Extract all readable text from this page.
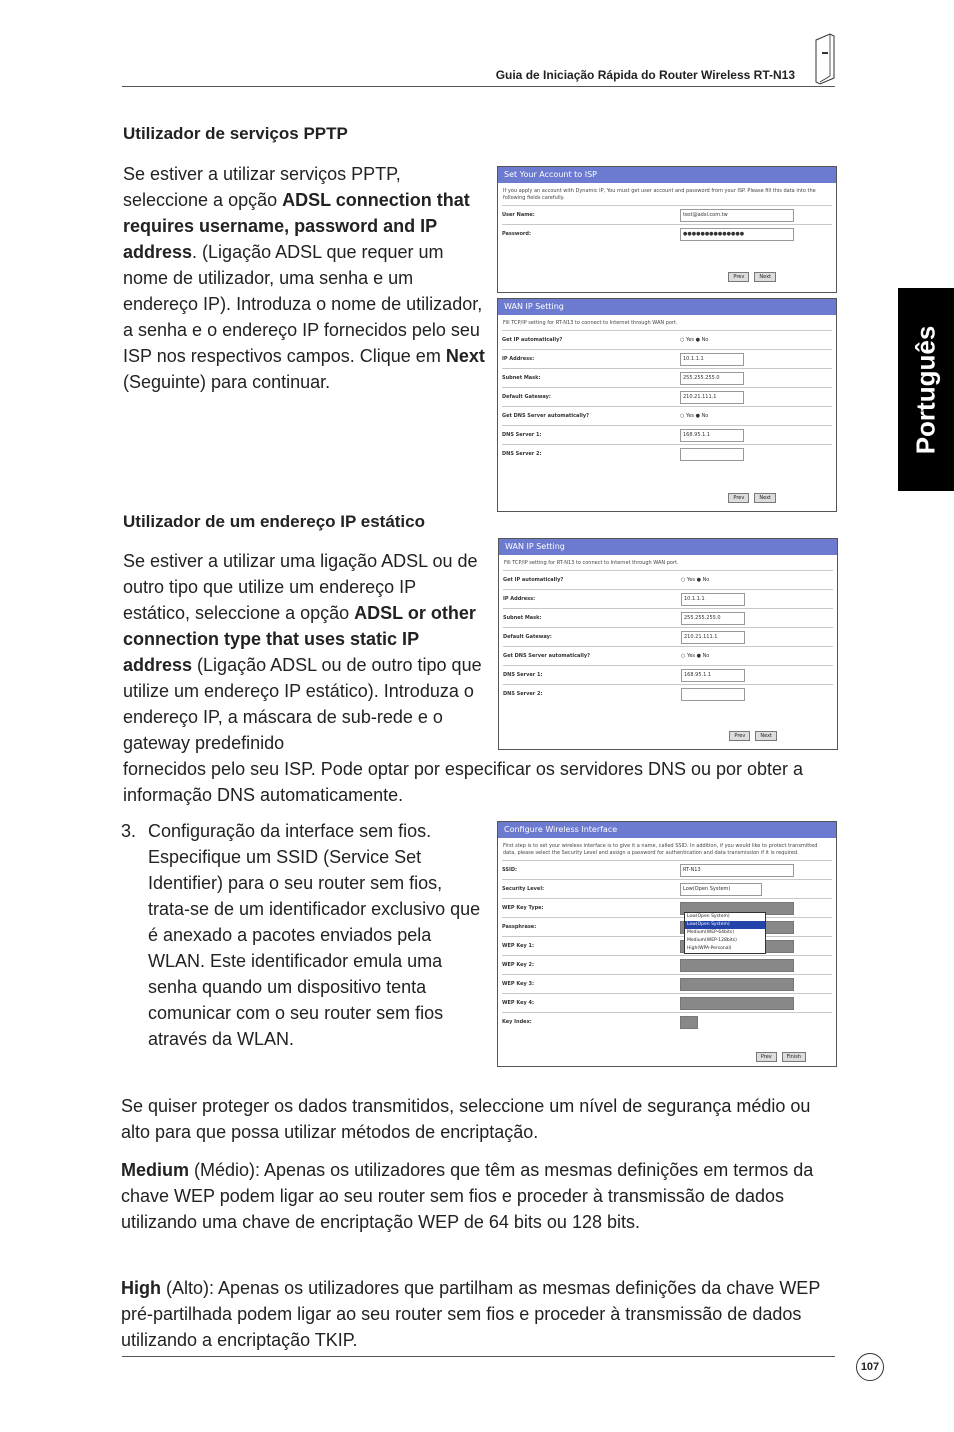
Guia de Iniciação Rápida do Router Wireless RT-N13
Português
Utilizador de serviços PPTP
Se estiver a utilizar serviços PPTP, seleccione a opção ADSL connection that requires username, password and IP address. (Ligação ADSL que requer um nome de utilizador, uma senha e um endereço IP). Introduza o nome de utilizador, a senha e o endereço IP fornecidos pelo seu ISP nos respectivos campos. Clique em Next (Seguinte) para continuar.
Set Your Account to ISP
If you apply an account with Dynamic IP, You must get user account and password from your ISP. Please fill this data into the following fields carefully.
User Name:	test@adsl.com.tw
Password:	●●●●●●●●●●●●●●
Prev	Next
WAN IP Setting
Fill TCP/IP setting for RT-N13 to connect to Internet through WAN port.
Get IP automatically?	○ Yes ● No
IP Address:	10.1.1.1
Subnet Mask:	255.255.255.0
Default Gateway:	210.21.111.1
Get DNS Server automatically?	○ Yes ● No
DNS Server 1:	168.95.1.1
DNS Server 2:
Prev	Next
Utilizador de um endereço IP estático
Se estiver a utilizar uma ligação ADSL ou de outro tipo que utilize um endereço IP estático, seleccione a opção ADSL or other connection type that uses static IP address (Ligação ADSL ou de outro tipo que utilize um endereço IP estático). Introduza o endereço IP, a máscara de sub-rede e o gateway predefinido
fornecidos pelo seu ISP. Pode optar por especificar os servidores DNS ou por obter a informação DNS automaticamente.
WAN IP Setting
Fill TCP/IP setting for RT-N13 to connect to Internet through WAN port.
Get IP automatically?	○ Yes ● No
IP Address:	10.1.1.1
Subnet Mask:	255.255.255.0
Default Gateway:	210.21.111.1
Get DNS Server automatically?	○ Yes ● No
DNS Server 1:	168.95.1.1
DNS Server 2:
Prev	Next
3. Configuração da interface sem fios. Especifique um SSID (Service Set Identifier) para o seu router sem fios, trata-se de um identificador exclusivo que é anexado a pacotes enviados pela WLAN. Este identificador emula uma senha quando um dispositivo tenta comunicar com o seu router sem fios através da WLAN.
Configure Wireless Interface
First step is to set your wireless interface is to give it a name, called SSID. In addition, if you would like to protect transmitted data, please select the Security Level and assign a password for authentication and data transmission if it is required.
SSID:	RT-N13
Security Level:	Low(Open System)
WEP Key Type:
Passphrase:
WEP Key 1:
WEP Key 2:
WEP Key 3:
WEP Key 4:
Key Index:
Low(Open System)
Low(Open System)
Medium(WEP-64bits)
Medium(WEP-128bits)
High(WPA-Personal)
Prev	Finish
Se quiser proteger os dados transmitidos, seleccione um nível de segurança médio ou alto para que possa utilizar métodos de encriptação.
Medium (Médio): Apenas os utilizadores que têm as mesmas definições em termos da chave WEP podem ligar ao seu router sem fios e proceder à transmissão de dados utilizando uma chave de encriptação WEP de 64 bits ou 128 bits.
High (Alto): Apenas os utilizadores que partilham as mesmas definições da chave WEP pré-partilhada podem ligar ao seu router sem fios e proceder à transmissão de dados utilizando a encriptação TKIP.
107
